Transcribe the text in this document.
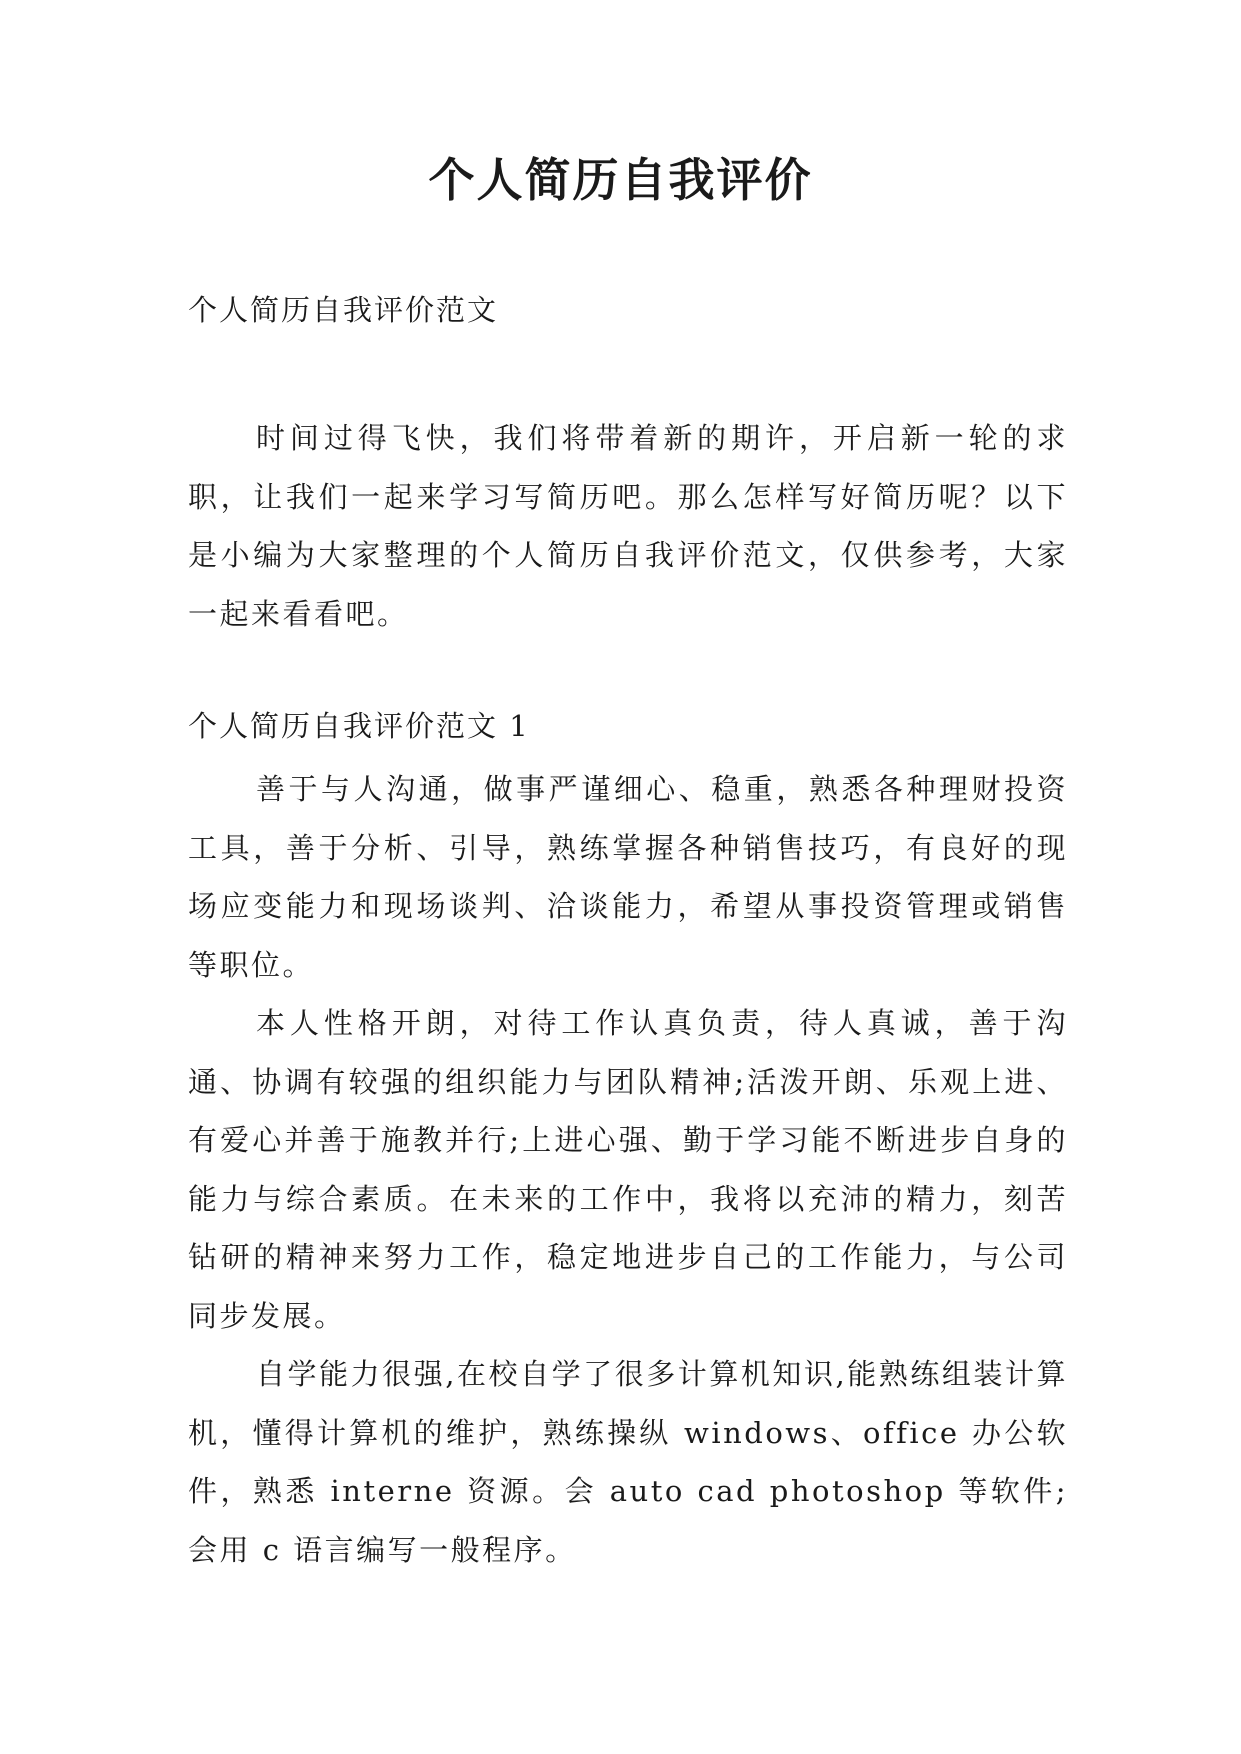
个人简历自我评价

个人简历自我评价范文

时间过得飞快，我们将带着新的期许，开启新一轮的求职，让我们一起来学习写简历吧。那么怎样写好简历呢？以下是小编为大家整理的个人简历自我评价范文，仅供参考，大家一起来看看吧。

个人简历自我评价范文 1

善于与人沟通，做事严谨细心、稳重，熟悉各种理财投资工具，善于分析、引导，熟练掌握各种销售技巧，有良好的现场应变能力和现场谈判、洽谈能力，希望从事投资管理或销售等职位。

本人性格开朗，对待工作认真负责，待人真诚，善于沟通、协调有较强的组织能力与团队精神;活泼开朗、乐观上进、有爱心并善于施教并行;上进心强、勤于学习能不断进步自身的能力与综合素质。在未来的工作中，我将以充沛的精力，刻苦钻研的精神来努力工作，稳定地进步自己的工作能力，与公司同步发展。

自学能力很强,在校自学了很多计算机知识,能熟练组装计算机，懂得计算机的维护，熟练操纵 windows、office 办公软件，熟悉 interne 资源。会 auto cad photoshop 等软件;会用 c 语言编写一般程序。
